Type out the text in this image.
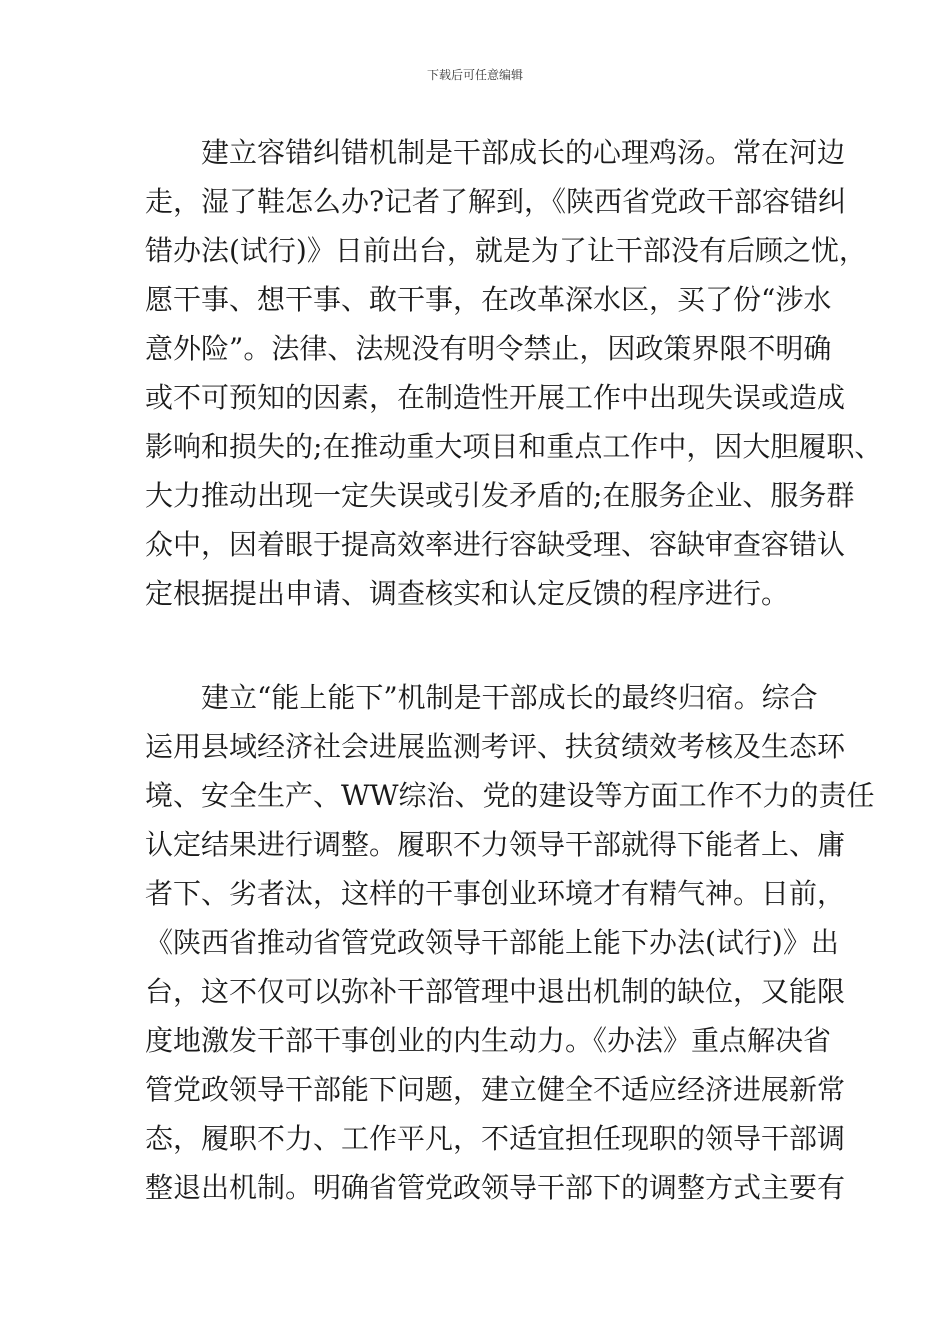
下载后可任意编辑
建立容错纠错机制是干部成长的心理鸡汤。常在河边
走，湿了鞋怎么办?记者了解到，《陕西省党政干部容错纠
错办法(试行)》日前出台，就是为了让干部没有后顾之忧，
愿干事、想干事、敢干事，在改革深水区，买了份“涉水
意外险”。法律、法规没有明令禁止，因政策界限不明确
或不可预知的因素，在制造性开展工作中出现失误或造成
影响和损失的;在推动重大项目和重点工作中，因大胆履职、
大力推动出现一定失误或引发矛盾的;在服务企业、服务群
众中，因着眼于提高效率进行容缺受理、容缺审查容错认
定根据提出申请、调查核实和认定反馈的程序进行。
建立“能上能下”机制是干部成长的最终归宿。综合
运用县域经济社会进展监测考评、扶贫绩效考核及生态环
境、安全生产、WW综治、党的建设等方面工作不力的责任
认定结果进行调整。履职不力领导干部就得下能者上、庸
者下、劣者汰，这样的干事创业环境才有精气神。日前，
《陕西省推动省管党政领导干部能上能下办法(试行)》出
台，这不仅可以弥补干部管理中退出机制的缺位，又能限
度地激发干部干事创业的内生动力。《办法》重点解决省
管党政领导干部能下问题，建立健全不适应经济进展新常
态，履职不力、工作平凡，不适宜担任现职的领导干部调
整退出机制。明确省管党政领导干部下的调整方式主要有
